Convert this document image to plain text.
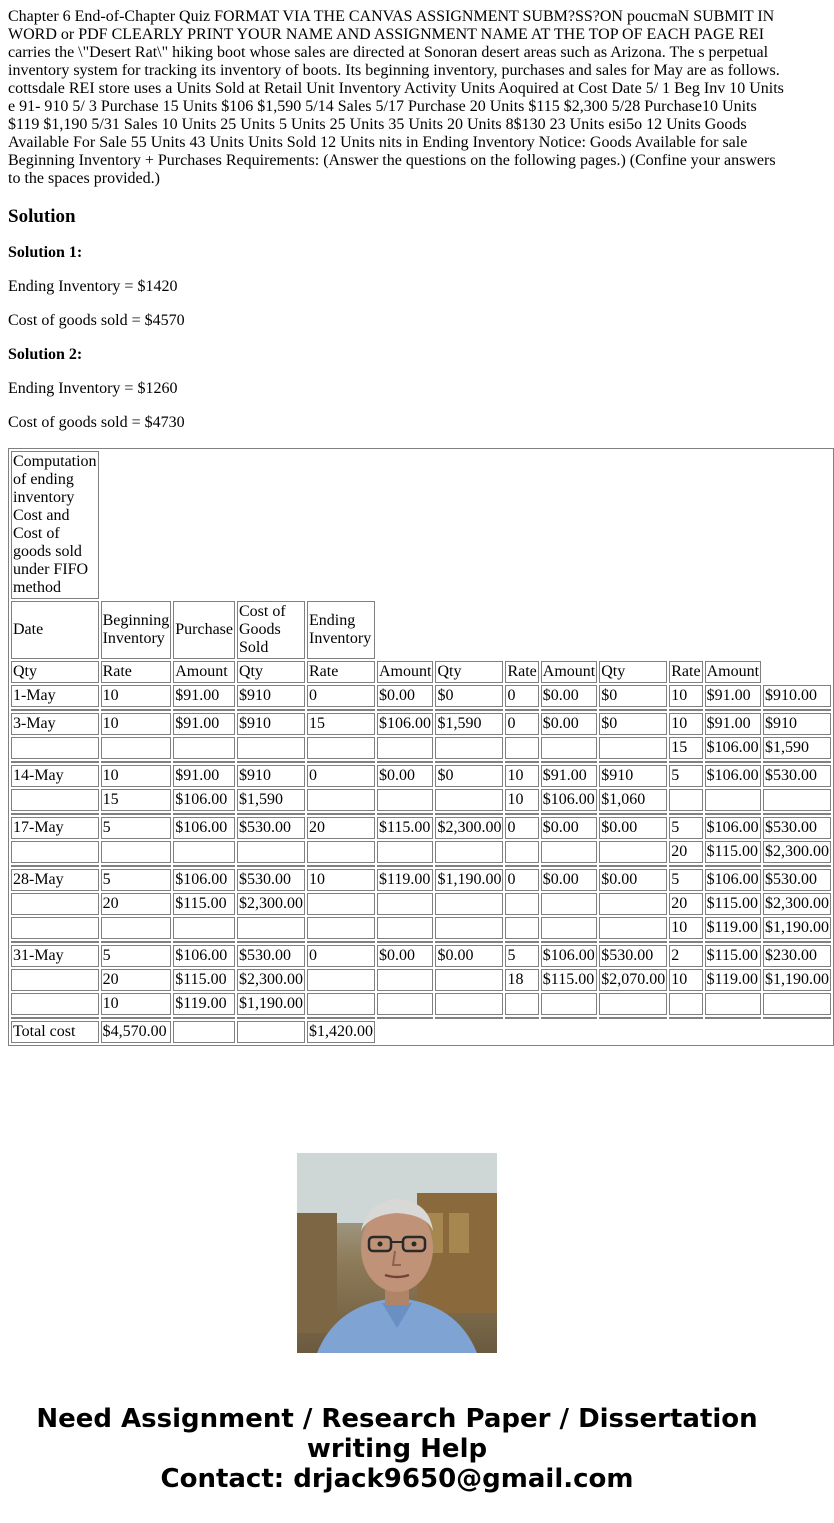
Chapter 6 End-of-Chapter Quiz FORMAT VIA THE CANVAS ASSIGNMENT SUBM?SS?ON poucmaN SUBMIT IN WORD or PDF CLEARLY PRINT YOUR NAME AND ASSIGNMENT NAME AT THE TOP OF EACH PAGE REI carries the \"Desert Rat\" hiking boot whose sales are directed at Sonoran desert areas such as Arizona. The s perpetual inventory system for tracking its inventory of boots. Its beginning inventory, purchases and sales for May are as follows. cottsdale REI store uses a Units Sold at Retail Unit Inventory Activity Units Aoquired at Cost Date 5/ 1 Beg Inv 10 Units e 91- 910 5/ 3 Purchase 15 Units $106 $1,590 5/14 Sales 5/17 Purchase 20 Units $115 $2,300 5/28 Purchase10 Units $119 $1,190 5/31 Sales 10 Units 25 Units 5 Units 25 Units 35 Units 20 Units 8$130 23 Units esi5o 12 Units Goods Available For Sale 55 Units 43 Units Units Sold 12 Units nits in Ending Inventory Notice: Goods Available for sale Beginning Inventory + Purchases Requirements: (Answer the questions on the following pages.) (Confine your answers to the spaces provided.)

Solution

Solution 1:

Ending Inventory = $1420

Cost of goods sold = $4570

Solution 2:

Ending Inventory = $1260

Cost of goods sold = $4730

Computation of ending inventory Cost and Cost of goods sold under FIFO method												
Date	Beginning Inventory	Purchase	Cost of Goods Sold	Ending Inventory								
Qty	Rate	Amount	Qty	Rate	Amount	Qty	Rate	Amount	Qty	Rate	Amount	
1-May	10	$91.00	$910	0	$0.00	$0	0	$0.00	$0	10	$91.00	$910.00

3-May	10	$91.00	$910	15	$106.00	$1,590	0	$0.00	$0	10	$91.00	$910
										15	$106.00	$1,590

14-May	10	$91.00	$910	0	$0.00	$0	10	$91.00	$910	5	$106.00	$530.00
	15	$106.00	$1,590				10	$106.00	$1,060			

17-May	5	$106.00	$530.00	20	$115.00	$2,300.00	0	$0.00	$0.00	5	$106.00	$530.00
										20	$115.00	$2,300.00

28-May	5	$106.00	$530.00	10	$119.00	$1,190.00	0	$0.00	$0.00	5	$106.00	$530.00
	20	$115.00	$2,300.00							20	$115.00	$2,300.00
										10	$119.00	$1,190.00

31-May	5	$106.00	$530.00	0	$0.00	$0.00	5	$106.00	$530.00	2	$115.00	$230.00
	20	$115.00	$2,300.00				18	$115.00	$2,070.00	10	$119.00	$1,190.00
	10	$119.00	$1,190.00									

Total cost	$4,570.00			$1,420.00								
Need Assignment / Research Paper / Dissertation
writing Help
Contact: drjack9650@gmail.com
